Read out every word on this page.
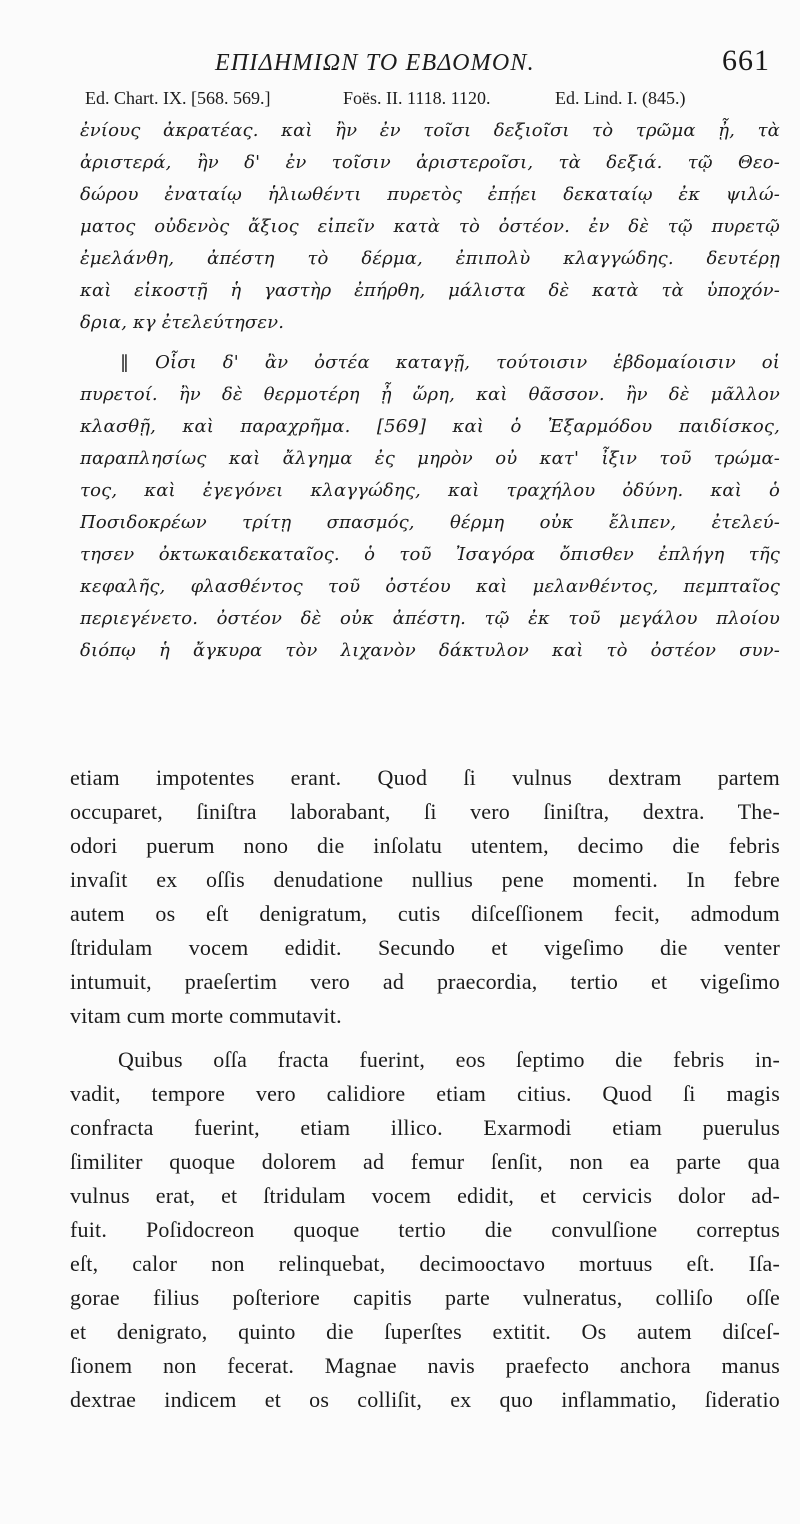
ΕΠΙΔΗΜΙΩΝ ΤΟ ΕΒΔΟΜΟΝ.	661
Ed. Chart. IX. [568. 569.]	Foës. II. 1118. 1120.	Ed. Lind. I. (845.)
ἐνίους ἀκρατέας. καὶ ἢν ἐν τοῖσι δεξιοῖσι τὸ τρῶμα ᾖ, τὰ
ἀριστερά, ἢν δ' ἐν τοῖσιν ἀριστεροῖσι, τὰ δεξιά. τῷ Θεο-
δώρου ἐναταίῳ ἡλιωθέντι πυρετὸς ἐπῄει δεκαταίῳ ἐκ ψιλώ-
ματος οὐδενὸς ἄξιος εἰπεῖν κατὰ τὸ ὀστέον. ἐν δὲ τῷ πυρετῷ
ἐμελάνθη, ἀπέστη τὸ δέρμα, ἐπιπολὺ κλαγγώδης. δευτέρῃ
καὶ εἰκοστῇ ἡ γαστὴρ ἐπήρθη, μάλιστα δὲ κατὰ τὰ ὑποχόν-
δρια, κγ ἐτελεύτησεν.
‖ Οἷσι δ' ἂν ὀστέα καταγῇ, τούτοισιν ἑβδομαίοισιν οἱ
πυρετοί. ἢν δὲ θερμοτέρη ᾖ ὥρη, καὶ θᾶσσον. ἢν δὲ μᾶλλον
κλασθῇ, καὶ παραχρῆμα. [569] καὶ ὁ Ἐξαρμόδου παιδίσκος,
παραπλησίως καὶ ἄλγημα ἐς μηρὸν οὐ κατ' ἶξιν τοῦ τρώμα-
τος, καὶ ἐγεγόνει κλαγγώδης, καὶ τραχήλου ὀδύνη. καὶ ὁ
Ποσιδοκρέων τρίτῃ σπασμός, θέρμη οὐκ ἔλιπεν, ἐτελεύ-
τησεν ὀκτωκαιδεκαταῖος. ὁ τοῦ Ἰσαγόρα ὄπισθεν ἐπλήγη τῆς
κεφαλῆς, φλασθέντος τοῦ ὀστέου καὶ μελανθέντος, πεμπταῖος
περιεγένετο. ὀστέον δὲ οὐκ ἀπέστη. τῷ ἐκ τοῦ μεγάλου πλοίου
διόπῳ ἡ ἄγκυρα τὸν λιχανὸν δάκτυλον καὶ τὸ ὀστέον συν-
etiam impotentes erant. Quod ſi vulnus dextram partem
occuparet, ſiniſtra laborabant, ſi vero ſiniſtra, dextra. The-
odori puerum nono die inſolatu utentem, decimo die febris
invaſit ex oſſis denudatione nullius pene momenti. In febre
autem os eſt denigratum, cutis diſceſſionem fecit, admodum
ſtridulam vocem edidit. Secundo et vigeſimo die venter
intumuit, praeſertim vero ad praecordia, tertio et vigeſimo
vitam cum morte commutavit.
Quibus oſſa fracta fuerint, eos ſeptimo die febris in-
vadit, tempore vero calidiore etiam citius. Quod ſi magis
confracta fuerint, etiam illico. Exarmodi etiam puerulus
ſimiliter quoque dolorem ad femur ſenſit, non ea parte qua
vulnus erat, et ſtridulam vocem edidit, et cervicis dolor ad-
fuit. Poſidocreon quoque tertio die convulſione correptus
eſt, calor non relinquebat, decimooctavo mortuus eſt. Iſa-
gorae filius poſteriore capitis parte vulneratus, colliſo oſſe
et denigrato, quinto die ſuperſtes extitit. Os autem diſceſ-
ſionem non fecerat. Magnae navis praefecto anchora manus
dextrae indicem et os colliſit, ex quo inflammatio, ſideratio
